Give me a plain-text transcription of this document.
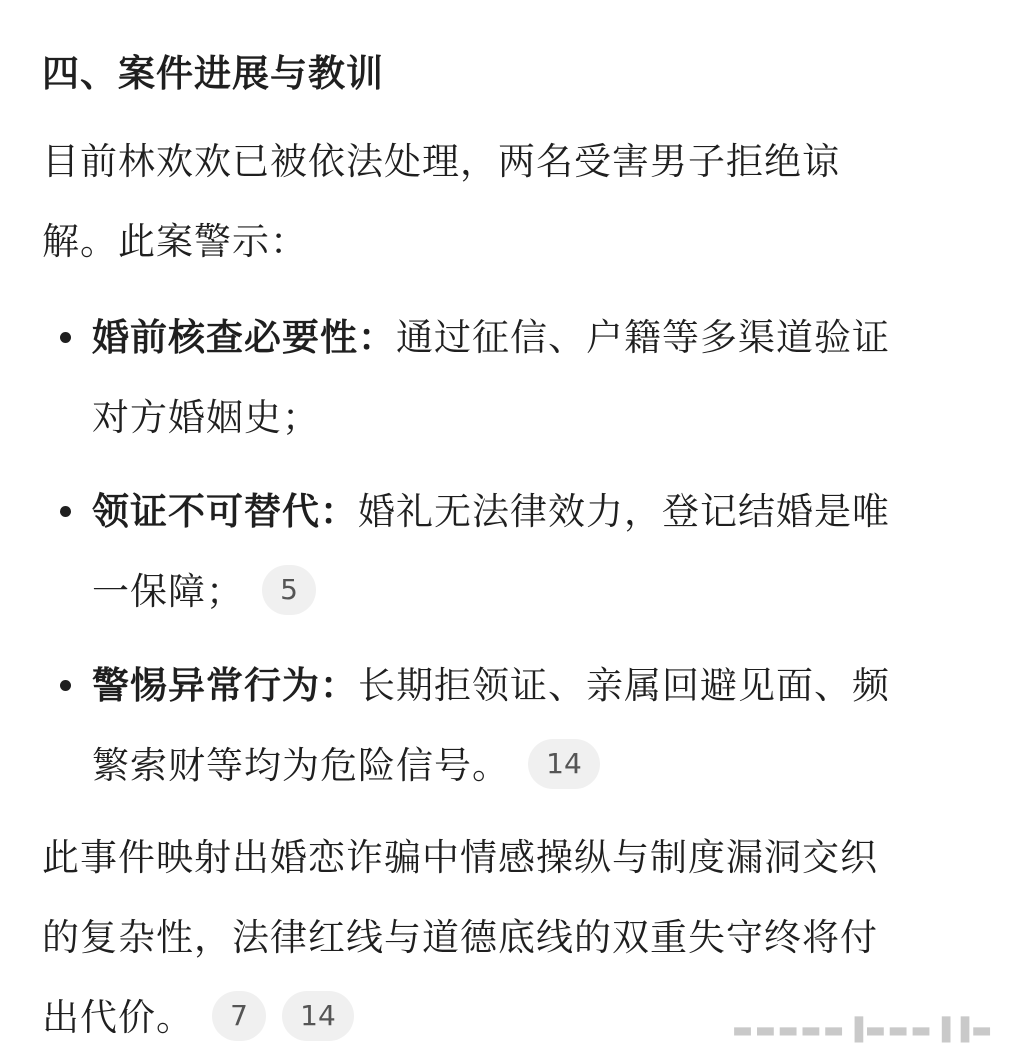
四、案件进展与教训
目前林欢欢已被依法处理，两名受害男子拒绝谅
解。此案警示：
婚前核查必要性：通过征信、户籍等多渠道验证
对方婚姻史；
领证不可替代：婚礼无法律效力，登记结婚是唯
一保障； 5
警惕异常行为：长期拒领证、亲属回避见面、频
繁索财等均为危险信号。 14
此事件映射出婚恋诈骗中情感操纵与制度漏洞交织
的复杂性，法律红线与道德底线的双重失守终将付
出代价。 7 14	▬▬▬▬▬▐▬▬▬▐▐▬
